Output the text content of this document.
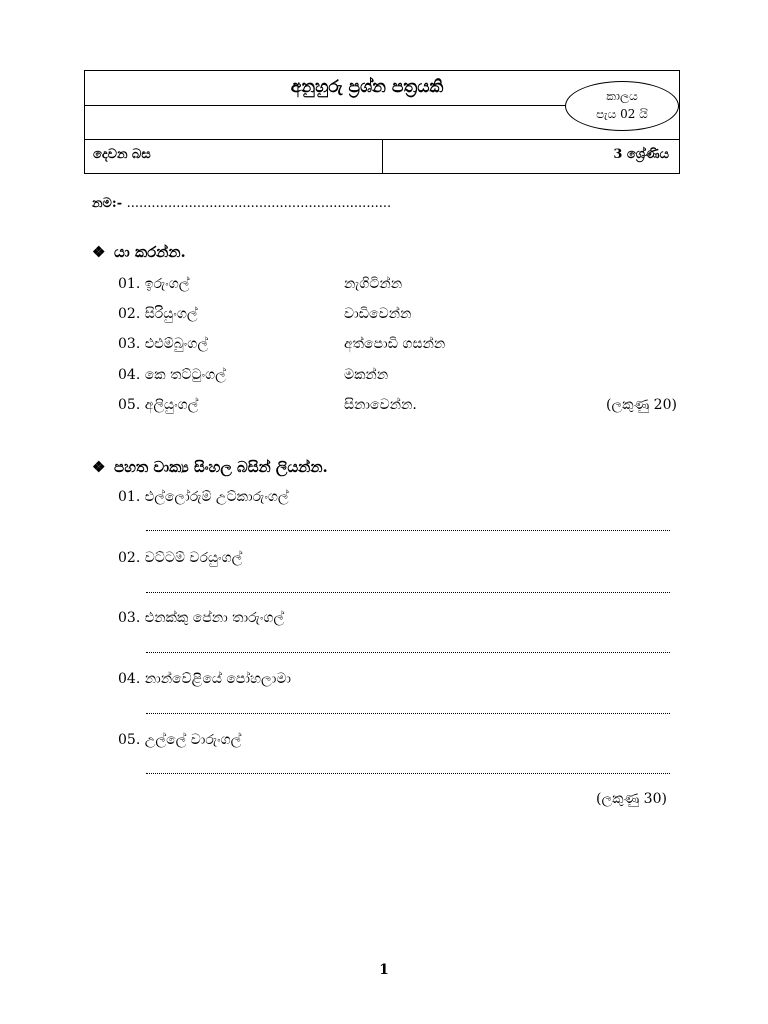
අනුහුරු ප්‍රශ්න පත්‍රයකි
දෙවන බස	3 ශ්‍රේණිය
කාලය
පැය 02 යි
නම:- ................................................................
❖ යා කරන්න.
01. ඉරුංගල්
02. සිරියුංගල්
03. එළුම්බුංගල්
04. කෙ තට්ටුංගල්
05. අලියුංගල්
නැගිටින්න
වාඩිවෙන්න
අත්පොඩි ගසන්න
මකන්න
සිනාවෙන්න.	(ලකුණු 20)
❖ පහත වාක්‍ය සිංහල බසින් ලියන්න.
01. එල්ලෝරුම් උට්කාරුංගල්
02. වට්ටම් වරයුංගල්
03. එනක්කු පේනා තාරුංගල්
04. නාන්වේළියේ පෝහලාමා
05. උල්ලේ වාරුංගල්
(ලකුණු 30)
1
